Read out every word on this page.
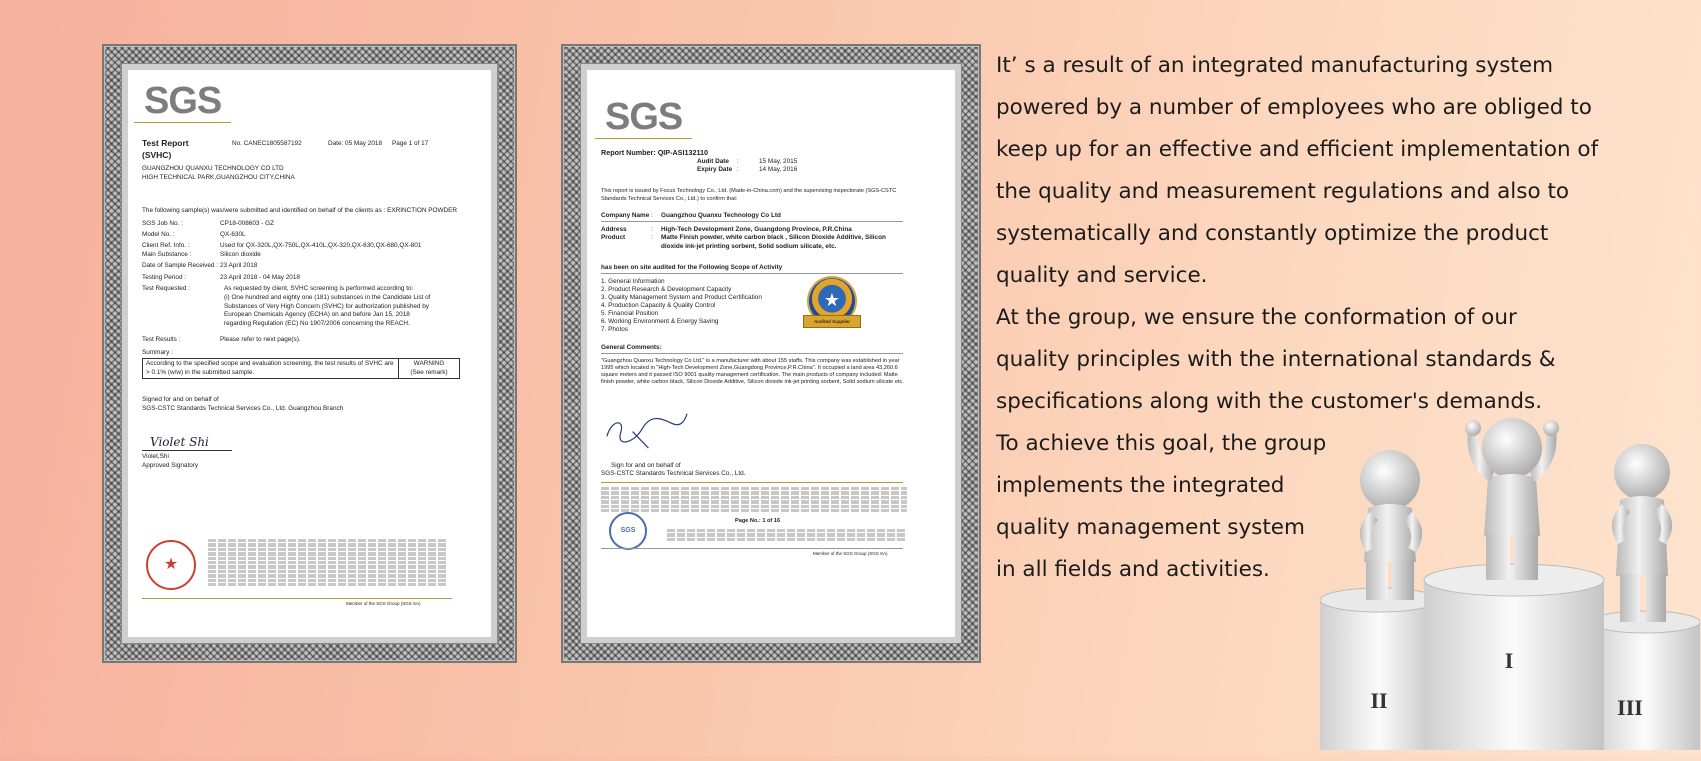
SGS
Test Report
(SVHC)
No. CANEC1805587192	Date: 05 May 2018 Page 1 of 17
GUANGZHOU QUANXU TECHNOLOGY CO LTD
HIGH TECHNICAL PARK,GUANGZHOU CITY,CHINA
The following sample(s) was/were submitted and identified on behalf of the clients as : EXRINCTION POWDER
SGS Job No. :	CP18-008603 - GZ
Model No. :	QX-630L
Client Ref. Info. :	Used for QX-320L,QX-750L,QX-410L,QX-320,QX-630,QX-680,QX-801
Main Substance :	Silicon dioxide
Date of Sample Received : 23 April 2018
Testing Period :	23 April 2018 - 04 May 2018
Test Requested :	As requested by client, SVHC screening is performed according to:
(i) One hundred and eighty one (181) substances in the Candidate List of Substances of Very High Concern (SVHC) for authorization published by European Chemicals Agency (ECHA) on and before Jan 15, 2018 regarding Regulation (EC) No 1907/2006 concerning the REACH.
Test Results :	Please refer to next page(s).
Summary :
According to the specified scope and evaluation screening, the test results of SVHC are > 0.1% (w/w) in the submitted sample.
WARNING
(See remark)
Signed for and on behalf of
SGS-CSTC Standards Technical Services Co., Ltd. Guangzhou Branch
Violet Shi
Violet,Shi
Approved Signatory
★
Member of the SGS Group (SGS SA)
SGS
Report Number: QIP-ASI132110
Audit Date :	15 May, 2015
Expiry Date :	14 May, 2016
This report is issued by Focus Technology Co., Ltd. (Made-in-China.com) and the supervising inspectorate (SGS-CSTC Standards Technical Services Co., Ltd.) to confirm that:
Company Name : Guangzhou Quanxu Technology Co Ltd
Address	: High-Tech Development Zone, Guangdong Province, P.R.China
Product	: Matte Finish powder, white carbon black , Silicon Dioxide Additive, Silicon dioxide ink-jet printing sorbent, Solid sodium silicate, etc.
has been on site audited for the Following Scope of Activity
1. General Information
2. Product Research & Development Capacity
3. Quality Management System and Product Certification
4. Production Capacity & Quality Control
5. Financial Position
6. Working Environment & Energy Saving
7. Photos
★
Audited Supplier
General Comments:
"Guangzhou Quanxu Technology Co Ltd." is a manufacturer with about 155 staffs. This company was established in year 1995 which located in "High-Tech Development Zone,Guangdong Province,P.R.China". It occupied a land area 43,260.6 square meters and it passed ISO 9001 quality management certification. The main products of company included: Matte finish powder, white carbon black, Silicon Dioxide Additive, Silicon dioxide ink-jet printing sorbent, Solid sodium silicate etc.
Sign for and on behalf of
SGS-CSTC Standards Technical Services Co., Ltd.
SGS
Page No.: 1 of 16
Member of the SGS Group (SGS SA)
It’ s a result of an integrated manufacturing system
powered by a number of employees who are obliged to
keep up for an effective and efficient implementation of
the quality and measurement regulations and also to
systematically and constantly optimize the product
quality and service.
At the group, we ensure the conformation of our
quality principles with the international standards &
specifications along with the customer's demands.
To achieve this goal, the group
implements the integrated
quality management system
in all fields and activities.
II
I
III
